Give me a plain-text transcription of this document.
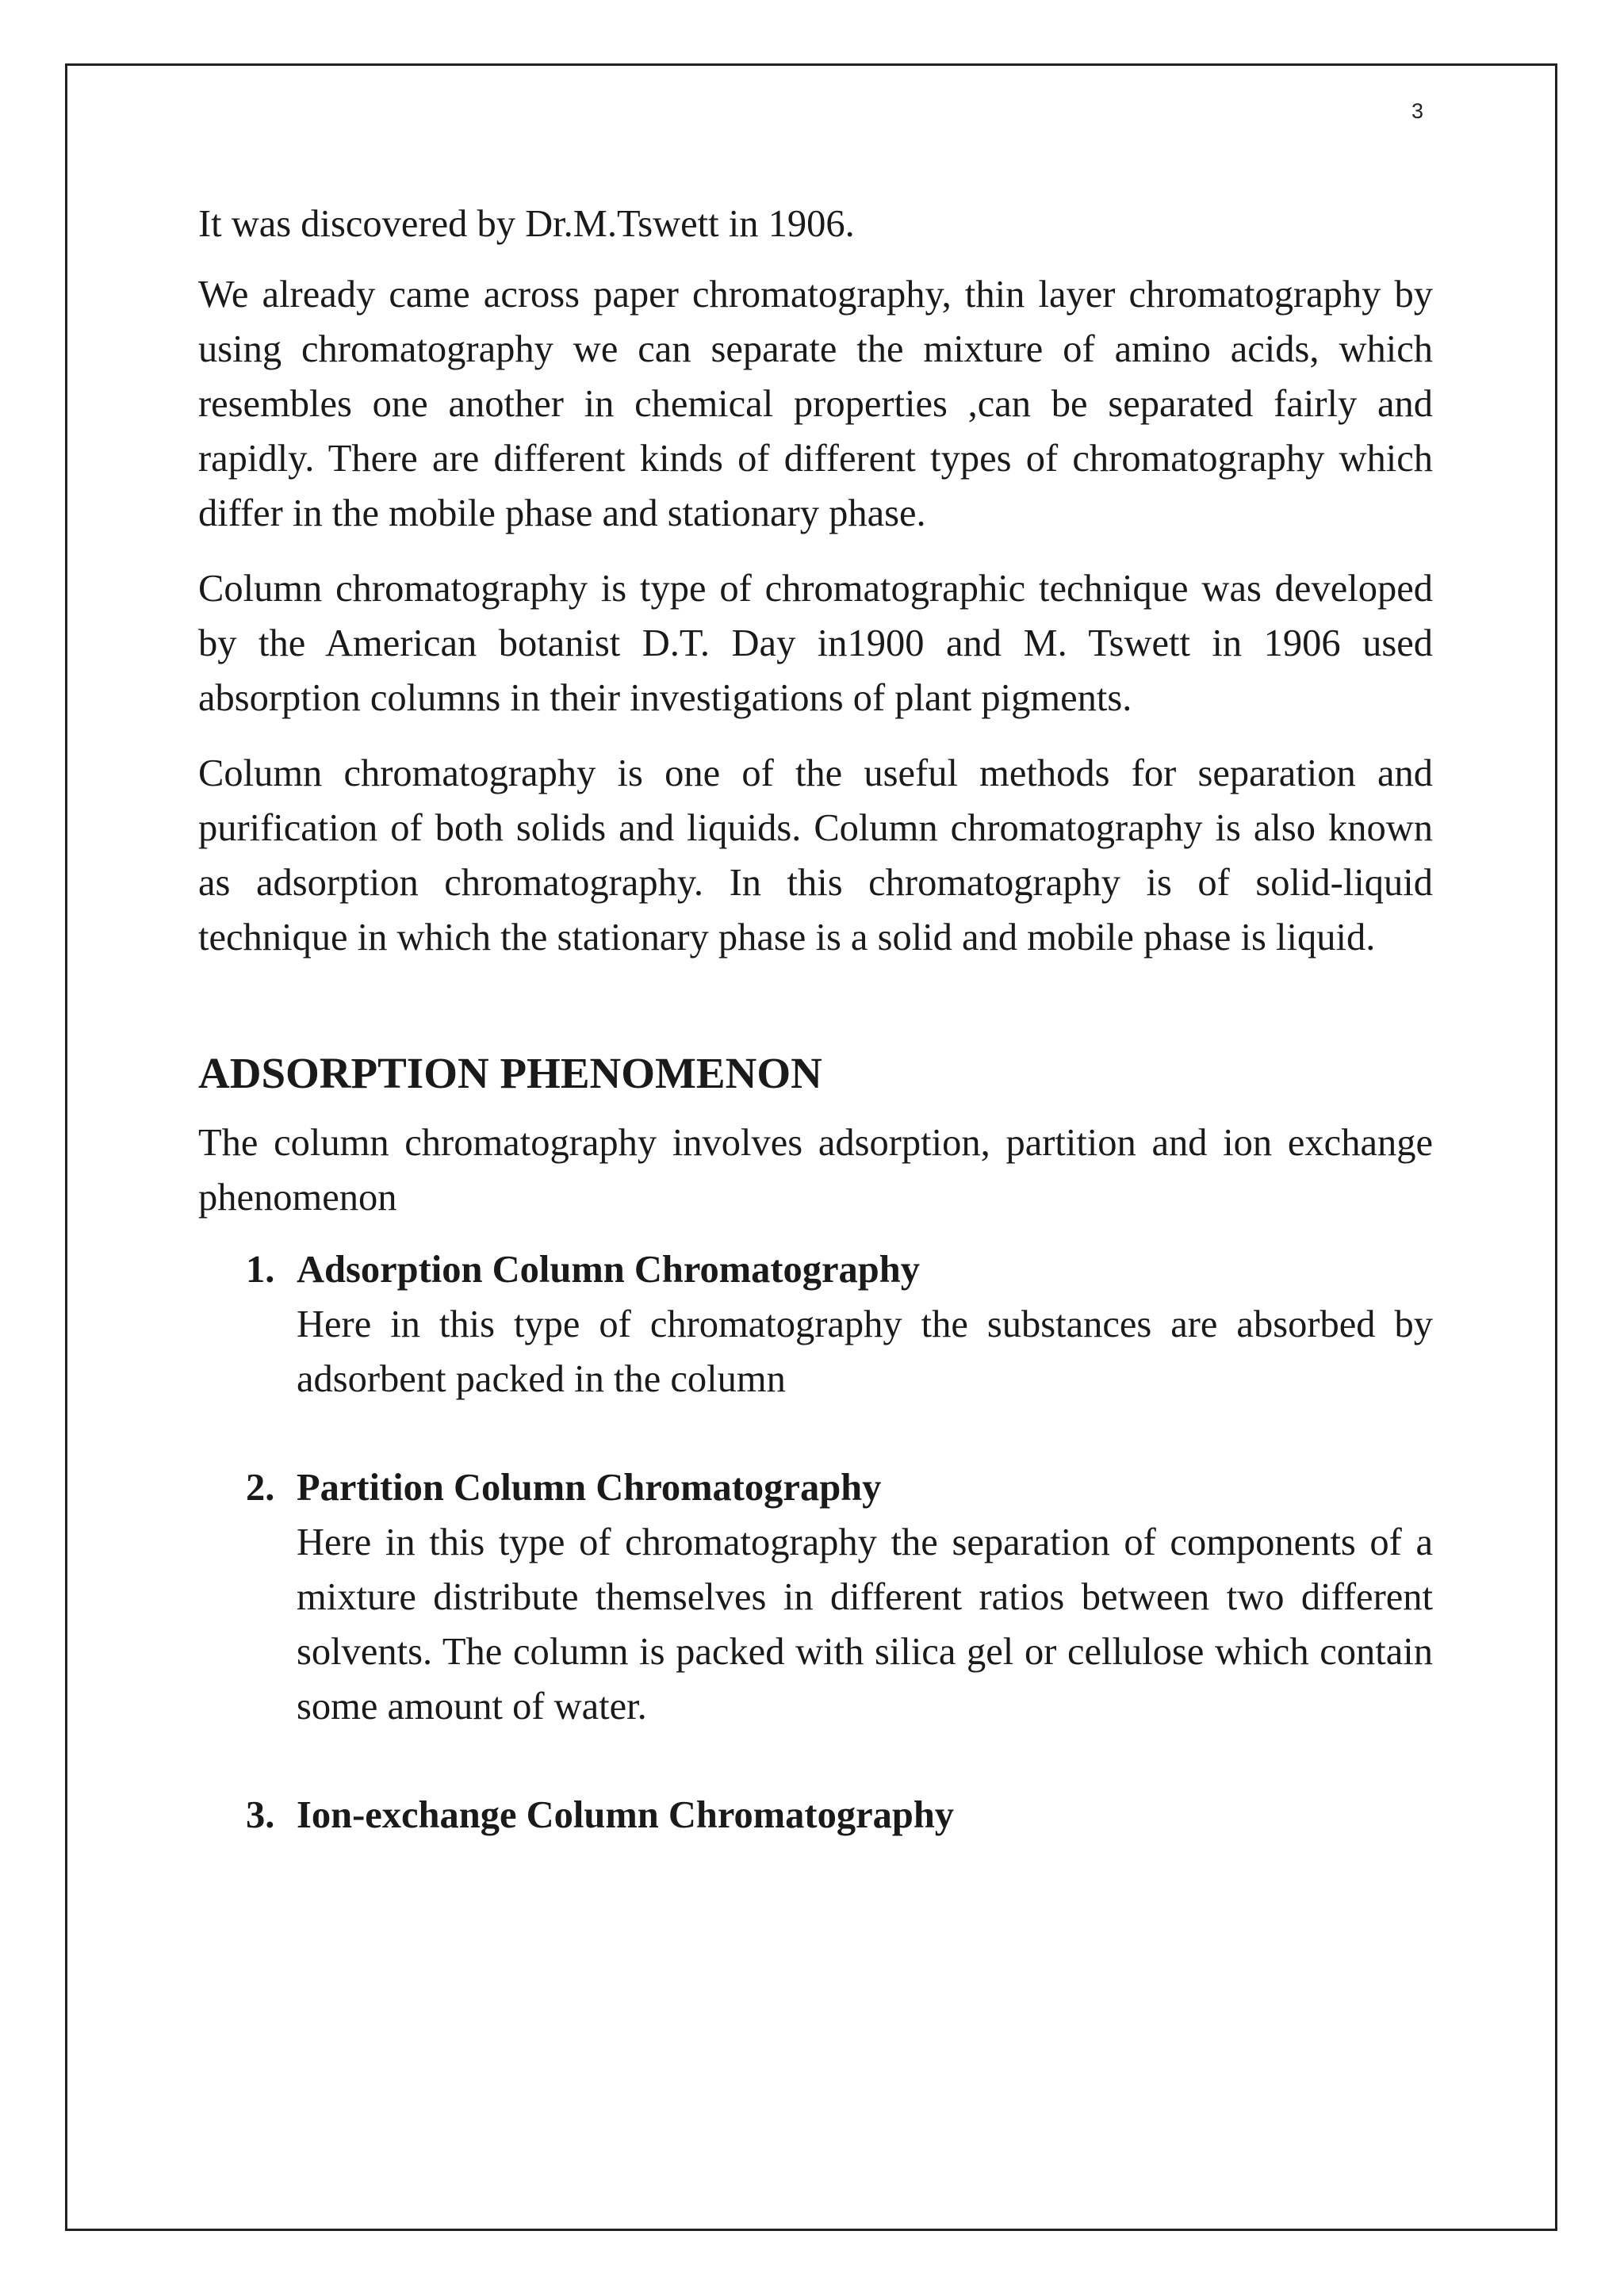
3

It was discovered by Dr.M.Tswett in 1906.

We already came across paper chromatography, thin layer chromatography by using chromatography we can separate the mixture of amino acids, which resembles one another in chemical properties ,can be separated fairly and rapidly. There are different kinds of different types of chromatography which differ in the mobile phase and stationary phase.

Column chromatography is type of chromatographic technique was developed by the American botanist D.T. Day in1900 and M. Tswett in 1906 used absorption columns in their investigations of plant pigments.

Column chromatography is one of the useful methods for separation and purification of both solids and liquids. Column chromatography is also known as adsorption chromatography. In this chromatography is of solid-liquid technique in which the stationary phase is a solid and mobile phase is liquid.

ADSORPTION PHENOMENON

The column chromatography involves adsorption, partition and ion exchange phenomenon

1. Adsorption Column Chromatography
Here in this type of chromatography the substances are absorbed by adsorbent packed in the column
2. Partition Column Chromatography
Here in this type of chromatography the separation of components of a mixture distribute themselves in different ratios between two different solvents. The column is packed with silica gel or cellulose which contain some amount of water.
3. Ion-exchange Column Chromatography
